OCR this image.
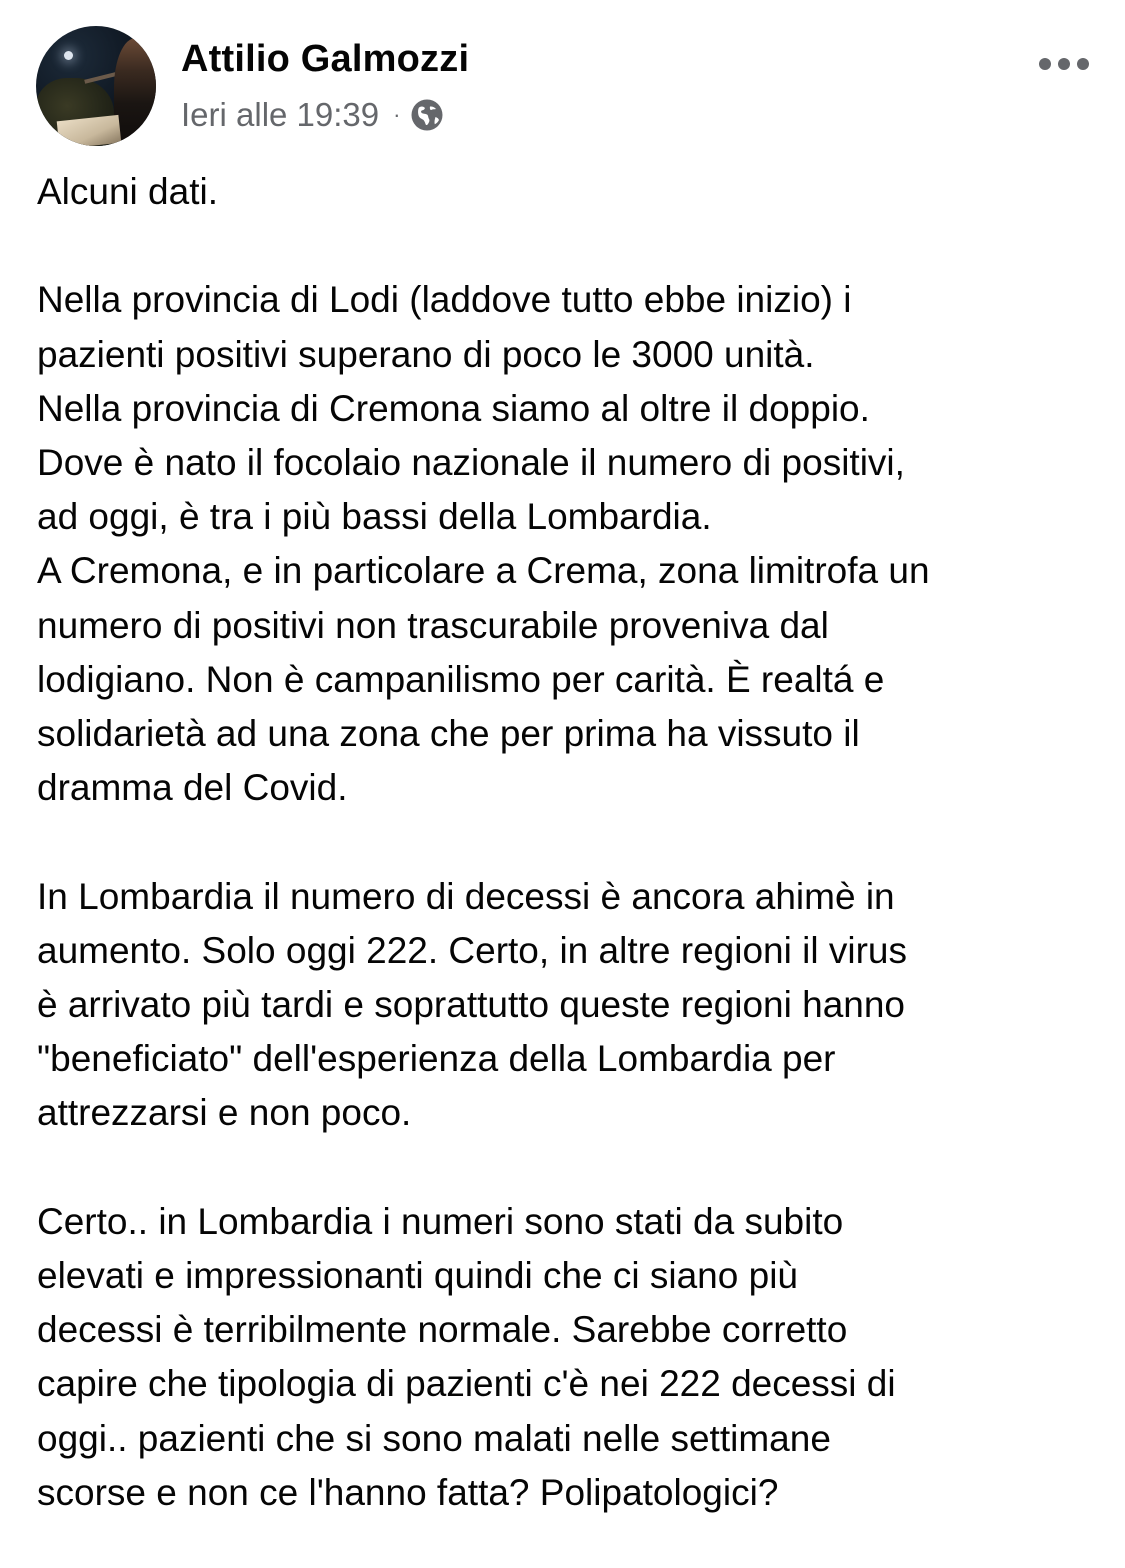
Attilio Galmozzi
Ieri alle 19:39 ·

Alcuni dati.

Nella provincia di Lodi (laddove tutto ebbe inizio) i

pazienti positivi superano di poco le 3000 unità.

Nella provincia di Cremona siamo al oltre il doppio.

Dove è nato il focolaio nazionale il numero di positivi,

ad oggi, è tra i più bassi della Lombardia.

A Cremona, e in particolare a Crema, zona limitrofa un

numero di positivi non trascurabile proveniva dal

lodigiano. Non è campanilismo per carità. È realtá e

solidarietà ad una zona che per prima ha vissuto il

dramma del Covid.

In Lombardia il numero di decessi è ancora ahimè in

aumento. Solo oggi 222. Certo, in altre regioni il virus

è arrivato più tardi e soprattutto queste regioni hanno

"beneficiato" dell'esperienza della Lombardia per

attrezzarsi e non poco.

Certo.. in Lombardia i numeri sono stati da subito

elevati e impressionanti quindi che ci siano più

decessi è terribilmente normale. Sarebbe corretto

capire che tipologia di pazienti c'è nei 222 decessi di

oggi.. pazienti che si sono malati nelle settimane

scorse e non ce l'hanno fatta? Polipatologici?
